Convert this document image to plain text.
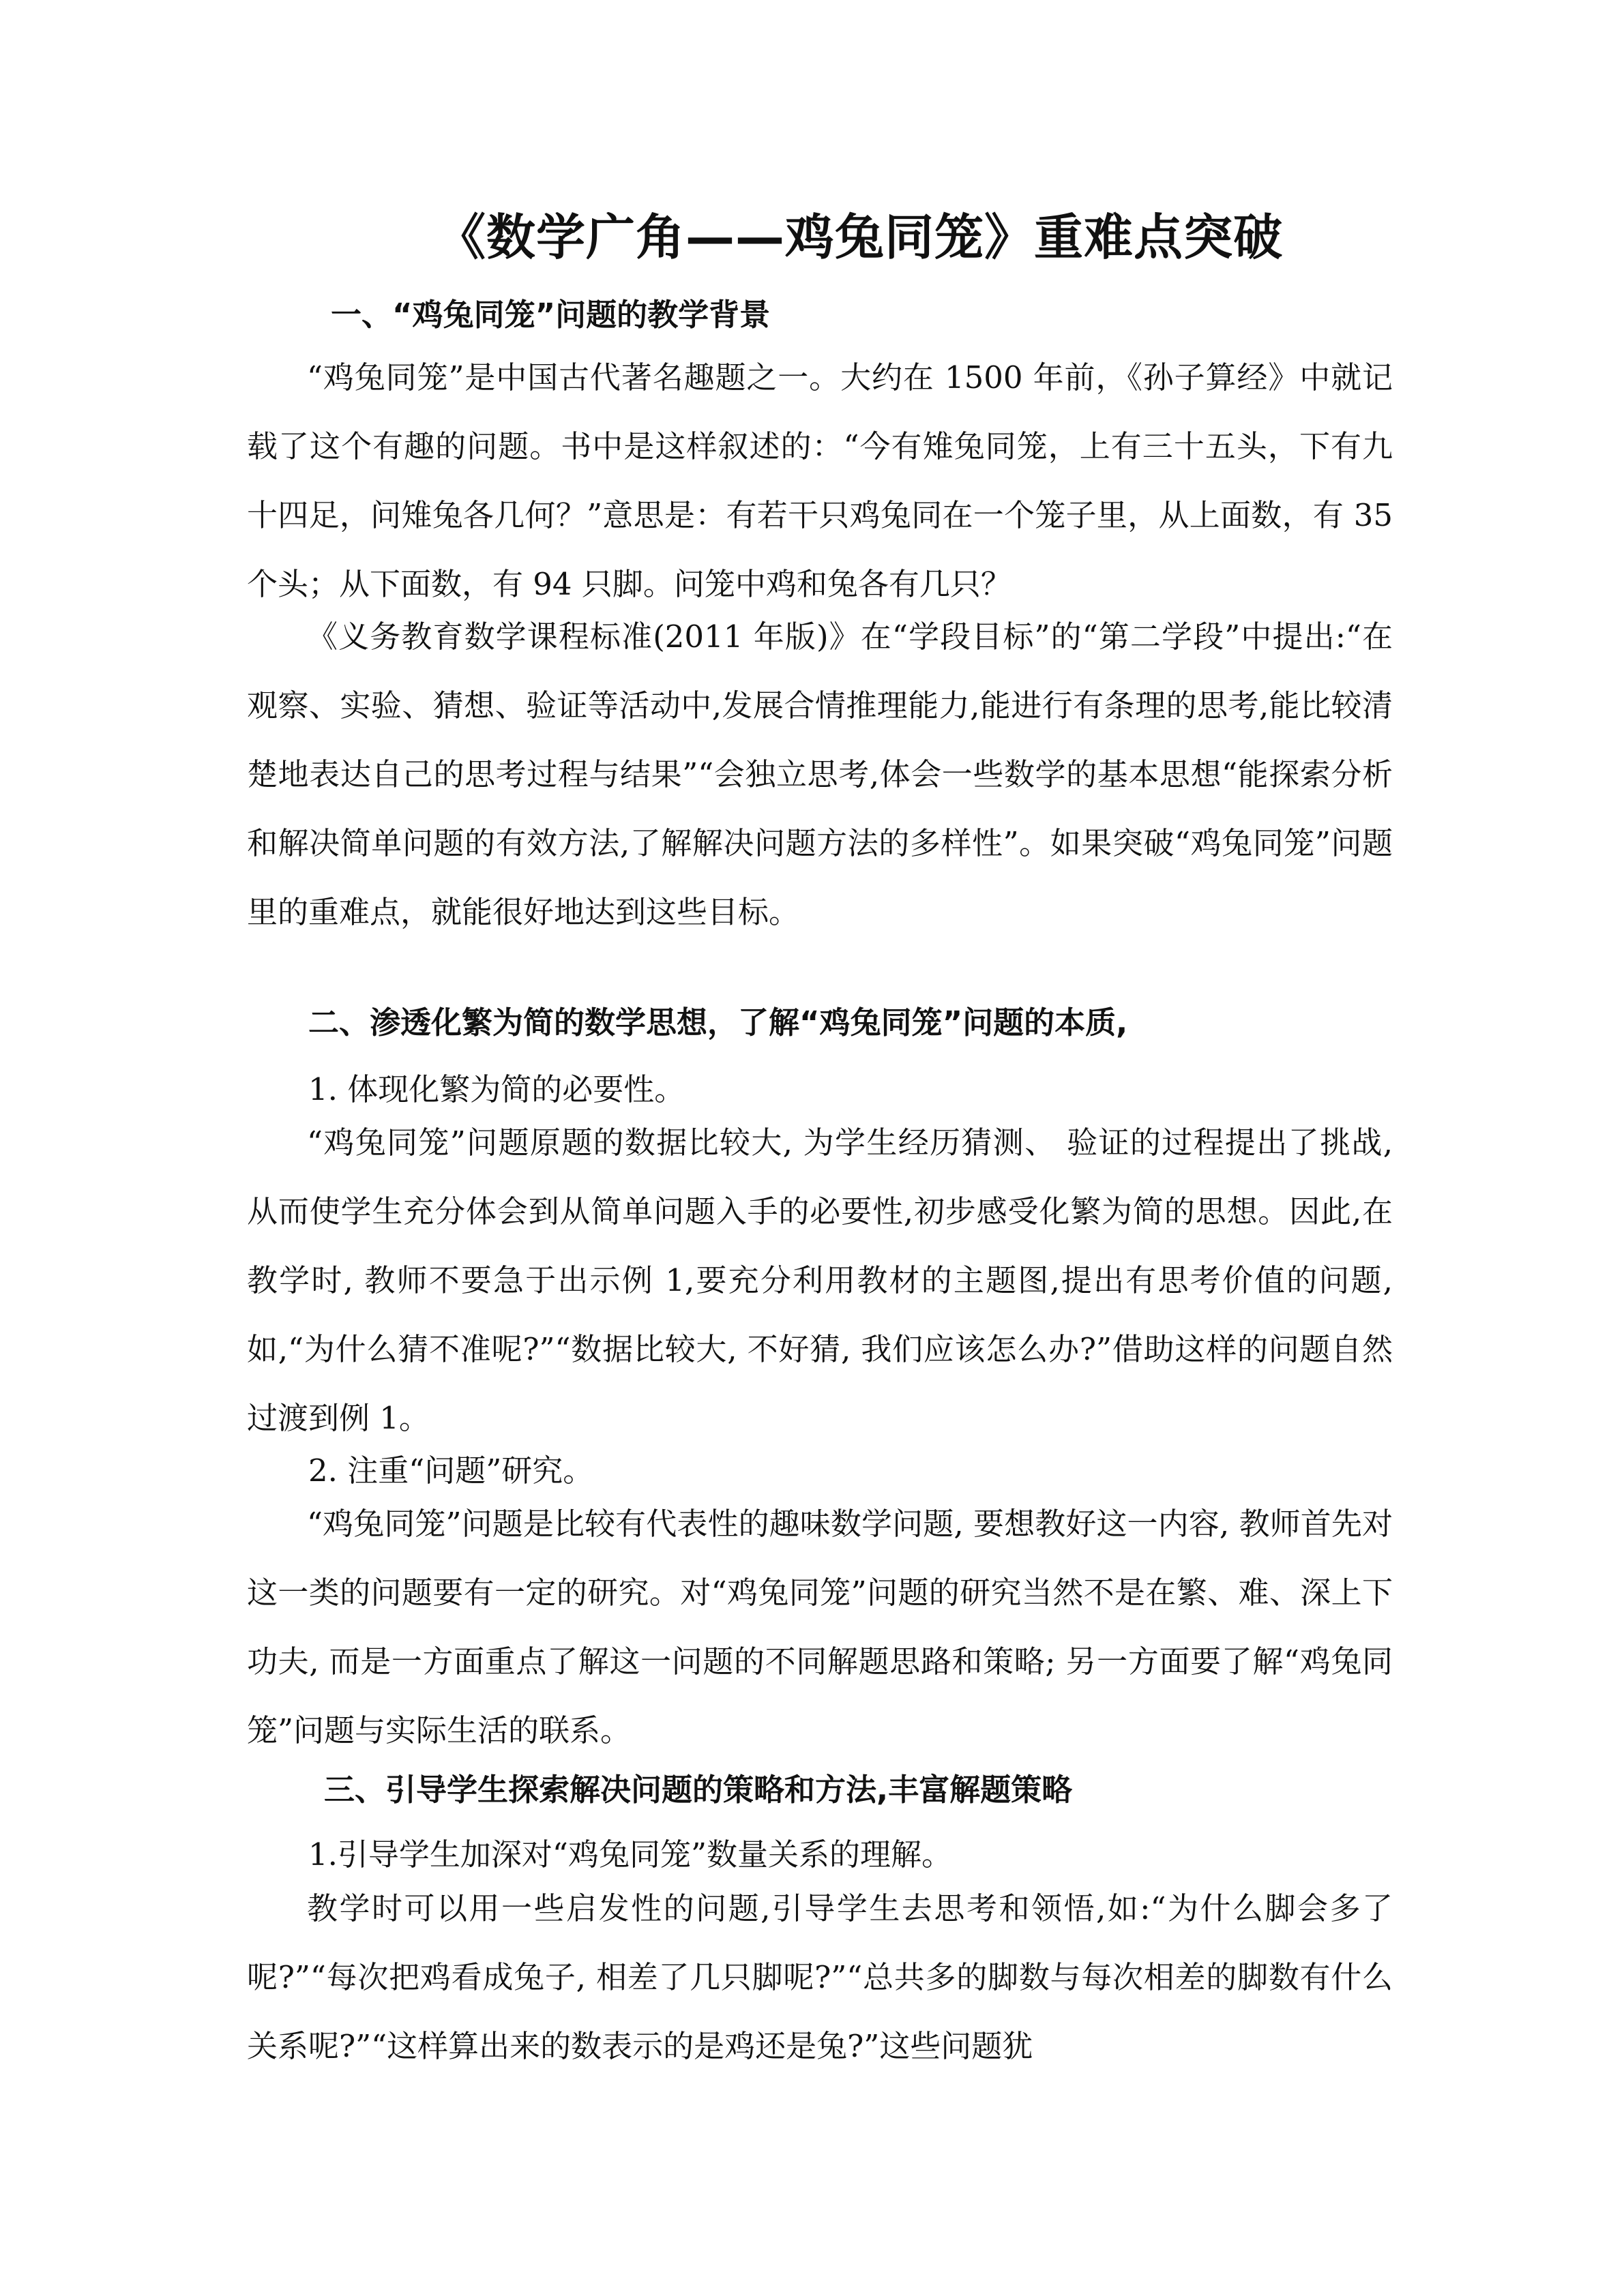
《数学广角——鸡兔同笼》重难点突破
一、“鸡兔同笼”问题的教学背景

“鸡兔同笼”是中国古代著名趣题之一。大约在 1500 年前，《孙子算经》中就记载了这个有趣的问题。书中是这样叙述的：“今有雉兔同笼，上有三十五头，下有九十四足，问雉兔各几何？”意思是：有若干只鸡兔同在一个笼子里，从上面数，有 35 个头；从下面数，有 94 只脚。问笼中鸡和兔各有几只？

《义务教育数学课程标准(2011 年版)》在“学段目标”的“第二学段”中提出:“在观察、实验、猜想、验证等活动中,发展合情推理能力,能进行有条理的思考,能比较清楚地表达自己的思考过程与结果”“会独立思考,体会一些数学的基本思想“能探索分析和解决简单问题的有效方法,了解解决问题方法的多样性”。如果突破“鸡兔同笼”问题里的重难点，就能很好地达到这些目标。

二、渗透化繁为简的数学思想，了解“鸡兔同笼”问题的本质,
1. 体现化繁为简的必要性。

“鸡兔同笼”问题原题的数据比较大, 为学生经历猜测、 验证的过程提出了挑战, 从而使学生充分体会到从简单问题入手的必要性,初步感受化繁为简的思想。因此,在教学时, 教师不要急于出示例 1,要充分利用教材的主题图,提出有思考价值的问题,如,“为什么猜不准呢?”“数据比较大, 不好猜, 我们应该怎么办?”借助这样的问题自然过渡到例 1。

2. 注重“问题”研究。

“鸡兔同笼”问题是比较有代表性的趣味数学问题, 要想教好这一内容, 教师首先对这一类的问题要有一定的研究。对“鸡兔同笼”问题的研究当然不是在繁、难、深上下功夫, 而是一方面重点了解这一问题的不同解题思路和策略; 另一方面要了解“鸡兔同笼”问题与实际生活的联系。

三、引导学生探索解决问题的策略和方法,丰富解题策略
1.引导学生加深对“鸡兔同笼”数量关系的理解。

教学时可以用一些启发性的问题,引导学生去思考和领悟,如:“为什么脚会多了呢?”“每次把鸡看成兔子, 相差了几只脚呢?”“总共多的脚数与每次相差的脚数有什么关系呢?”“这样算出来的数表示的是鸡还是兔?”这些问题犹
